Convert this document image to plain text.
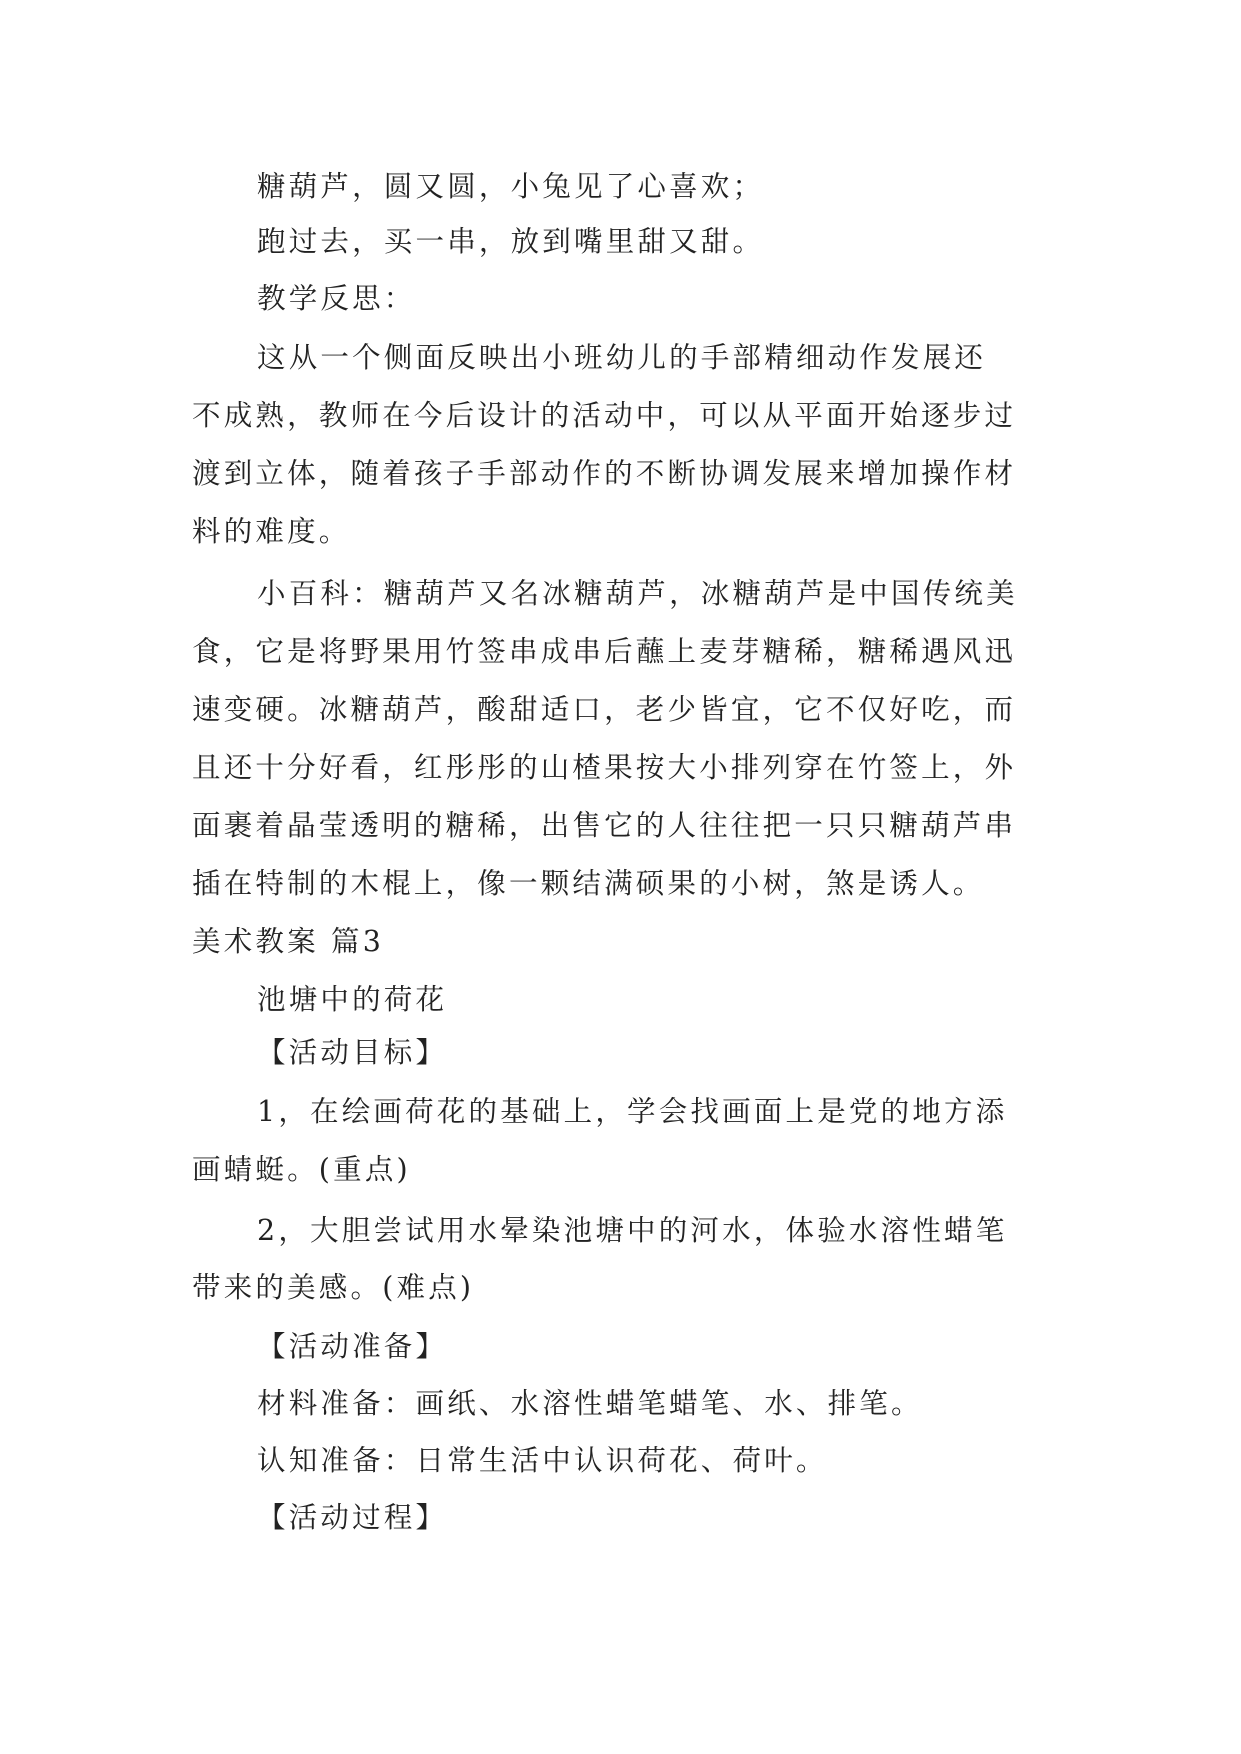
糖葫芦，圆又圆，小兔见了心喜欢；
跑过去，买一串，放到嘴里甜又甜。
教学反思：
这从一个侧面反映出小班幼儿的手部精细动作发展还
不成熟，教师在今后设计的活动中，可以从平面开始逐步过
渡到立体，随着孩子手部动作的不断协调发展来增加操作材
料的难度。
小百科：糖葫芦又名冰糖葫芦，冰糖葫芦是中国传统美
食，它是将野果用竹签串成串后蘸上麦芽糖稀，糖稀遇风迅
速变硬。冰糖葫芦，酸甜适口，老少皆宜，它不仅好吃，而
且还十分好看，红彤彤的山楂果按大小排列穿在竹签上，外
面裹着晶莹透明的糖稀，出售它的人往往把一只只糖葫芦串
插在特制的木棍上，像一颗结满硕果的小树，煞是诱人。
美术教案 篇3
池塘中的荷花
【活动目标】
1，在绘画荷花的基础上，学会找画面上是党的地方添
画蜻蜓。(重点)
2，大胆尝试用水晕染池塘中的河水，体验水溶性蜡笔
带来的美感。(难点)
【活动准备】
材料准备：画纸、水溶性蜡笔蜡笔、水、排笔。
认知准备：日常生活中认识荷花、荷叶。
【活动过程】
